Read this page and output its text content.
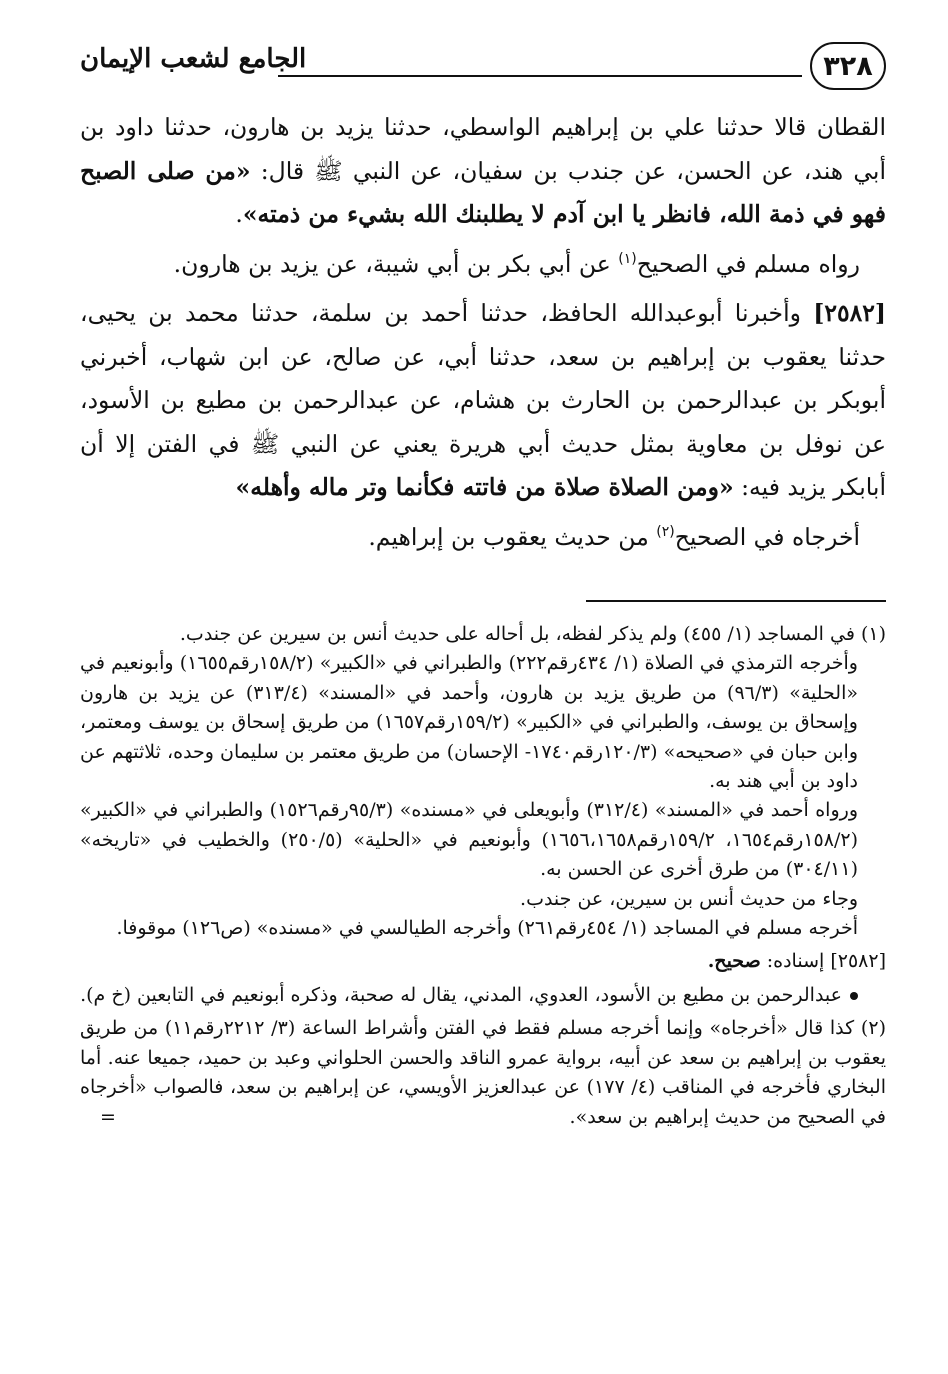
٣٢٨
الجامع لشعب الإيمان

القطان قالا حدثنا علي بن إبراهيم الواسطي، حدثنا يزيد بن هارون، حدثنا داود بن أبي هند، عن الحسن، عن جندب بن سفيان، عن النبي ﷺ قال: «من صلى الصبح فهو في ذمة الله، فانظر يا ابن آدم لا يطلبنك الله بشيء من ذمته».

رواه مسلم في الصحيح$^{(١)}$ عن أبي بكر بن أبي شيبة، عن يزيد بن هارون.

[٢٥٨٢] وأخبرنا أبوعبدالله الحافظ، حدثنا أحمد بن سلمة، حدثنا محمد بن يحيى، حدثنا يعقوب بن إبراهيم بن سعد، حدثنا أبي، عن صالح، عن ابن شهاب، أخبرني أبوبكر بن عبدالرحمن بن الحارث بن هشام، عن عبدالرحمن بن مطيع بن الأسود، عن نوفل بن معاوية بمثل حديث أبي هريرة يعني عن النبي ﷺ في الفتن إلا أن أبابكر يزيد فيه: «ومن الصلاة صلاة من فاتته فكأنما وتر ماله وأهله»

أخرجاه في الصحيح$^{(٢)}$ من حديث يعقوب بن إبراهيم.

(١) في المساجد (١/ ٤٥٥) ولم يذكر لفظه، بل أحاله على حديث أنس بن سيرين عن جندب.

وأخرجه الترمذي في الصلاة (١/ ٤٣٤رقم٢٢٢) والطبراني في «الكبير» (١٥٨/٢رقم١٦٥٥) وأبونعيم في «الحلية» (٩٦/٣) من طريق يزيد بن هارون، وأحمد في «المسند» (٣١٣/٤) عن يزيد بن هارون وإسحاق بن يوسف، والطبراني في «الكبير» (١٥٩/٢رقم١٦٥٧) من طريق إسحاق بن يوسف ومعتمر، وابن حبان في «صحيحه» (١٢٠/٣رقم١٧٤٠- الإحسان) من طريق معتمر بن سليمان وحده، ثلاثتهم عن داود بن أبي هند به.

ورواه أحمد في «المسند» (٣١٢/٤) وأبويعلى في «مسنده» (٩٥/٣رقم١٥٢٦) والطبراني في «الكبير» (١٥٨/٢رقم١٦٥٤، ١٥٩/٢رقم١٦٥٦،١٦٥٨) وأبونعيم في «الحلية» (٢٥٠/٥) والخطيب في «تاريخه» (٣٠٤/١١) من طرق أخرى عن الحسن به.

وجاء من حديث أنس بن سيرين، عن جندب.

أخرجه مسلم في المساجد (١/ ٤٥٤رقم٢٦١) وأخرجه الطيالسي في «مسنده» (ص١٢٦) موقوفا.

[٢٥٨٢] إسناده: صحيح.

عبدالرحمن بن مطيع بن الأسود، العدوي، المدني، يقال له صحبة، وذكره أبونعيم في التابعين (خ م).

(٢) كذا قال «أخرجاه» وإنما أخرجه مسلم فقط في الفتن وأشراط الساعة (٣/ ٢٢١٢رقم١١) من طريق يعقوب بن إبراهيم بن سعد عن أبيه، برواية عمرو الناقد والحسن الحلواني وعبد بن حميد، جميعا عنه. أما البخاري فأخرجه في المناقب (٤/ ١٧٧) عن عبدالعزيز الأويسي، عن إبراهيم بن سعد، فالصواب «أخرجاه في الصحيح من حديث إبراهيم بن سعد».
=
